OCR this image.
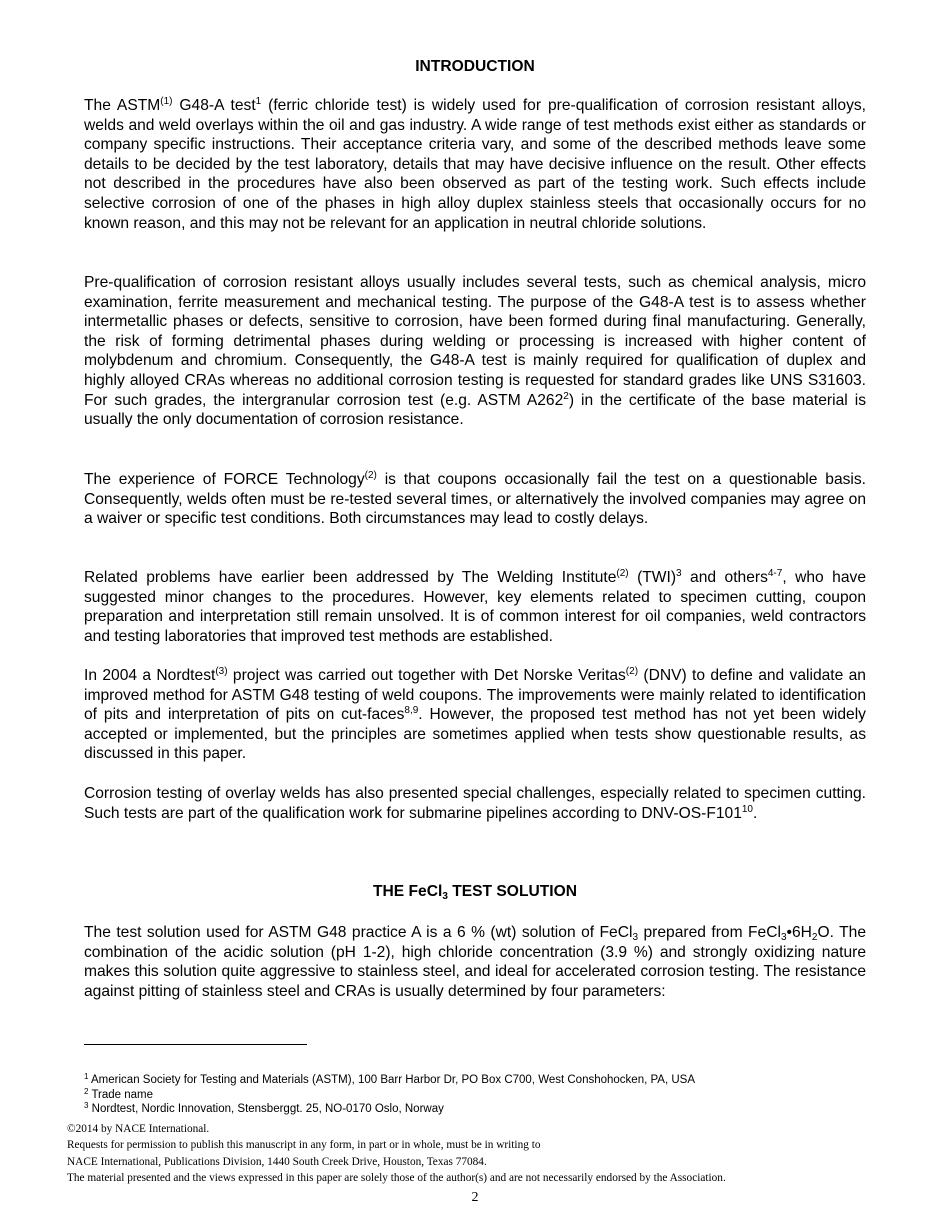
INTRODUCTION

The ASTM$^{(1)}$ G48-A test$^1$ (ferric chloride test) is widely used for pre-qualification of corrosion resistant alloys, welds and weld overlays within the oil and gas industry. A wide range of test methods exist either as standards or company specific instructions. Their acceptance criteria vary, and some of the described methods leave some details to be decided by the test laboratory, details that may have decisive influence on the result. Other effects not described in the procedures have also been observed as part of the testing work. Such effects include selective corrosion of one of the phases in high alloy duplex stainless steels that occasionally occurs for no known reason, and this may not be relevant for an application in neutral chloride solutions.

Pre-qualification of corrosion resistant alloys usually includes several tests, such as chemical analysis, micro examination, ferrite measurement and mechanical testing. The purpose of the G48-A test is to assess whether intermetallic phases or defects, sensitive to corrosion, have been formed during final manufacturing. Generally, the risk of forming detrimental phases during welding or processing is increased with higher content of molybdenum and chromium. Consequently, the G48-A test is mainly required for qualification of duplex and highly alloyed CRAs whereas no additional corrosion testing is requested for standard grades like UNS S31603. For such grades, the intergranular corrosion test (e.g. ASTM $A262^2$) in the certificate of the base material is usually the only documentation of corrosion resistance.

The experience of FORCE Technology$^{(2)}$ is that coupons occasionally fail the test on a questionable basis. Consequently, welds often must be re-tested several times, or alternatively the involved companies may agree on a waiver or specific test conditions. Both circumstances may lead to costly delays.

Related problems have earlier been addressed by The Welding Institute$^{(2)}$ (TWI)$^3$ and others$^{4-7}$, who have suggested minor changes to the procedures. However, key elements related to specimen cutting, coupon preparation and interpretation still remain unsolved. It is of common interest for oil companies, weld contractors and testing laboratories that improved test methods are established.

In 2004 a Nordtest$^{(3)}$ project was carried out together with Det Norske Veritas$^{(2)}$ (DNV) to define and validate an improved method for ASTM G48 testing of weld coupons. The improvements were mainly related to identification of pits and interpretation of pits on cut-faces$^{8,9}$. However, the proposed test method has not yet been widely accepted or implemented, but the principles are sometimes applied when tests show questionable results, as discussed in this paper.

Corrosion testing of overlay welds has also presented special challenges, especially related to specimen cutting. Such tests are part of the qualification work for submarine pipelines according to DNV-$OS-F101^{10}$.

THE FeCl$_3$ TEST SOLUTION

The test solution used for ASTM G48 practice A is a 6 % (wt) solution of FeCl$_3$ prepared from $FeCl_3•6H_2O$. The combination of the acidic solution (pH 1-2), high chloride concentration (3.9 %) and strongly oxidizing nature makes this solution quite aggressive to stainless steel, and ideal for accelerated corrosion testing. The resistance against pitting of stainless steel and CRAs is usually determined by four parameters:

$^1$ American Society for Testing and Materials (ASTM), 100 Barr Harbor Dr, PO Box C700, West Conshohocken, PA, USA
$^2$ Trade name
$^3$ Nordtest, Nordic Innovation, Stensberggt. 25, NO-0170 Oslo, Norway
©2014 by NACE International.
Requests for permission to publish this manuscript in any form, in part or in whole, must be in writing to
NACE International, Publications Division, 1440 South Creek Drive, Houston, Texas 77084.
The material presented and the views expressed in this paper are solely those of the author(s) and are not necessarily endorsed by the Association.
2
